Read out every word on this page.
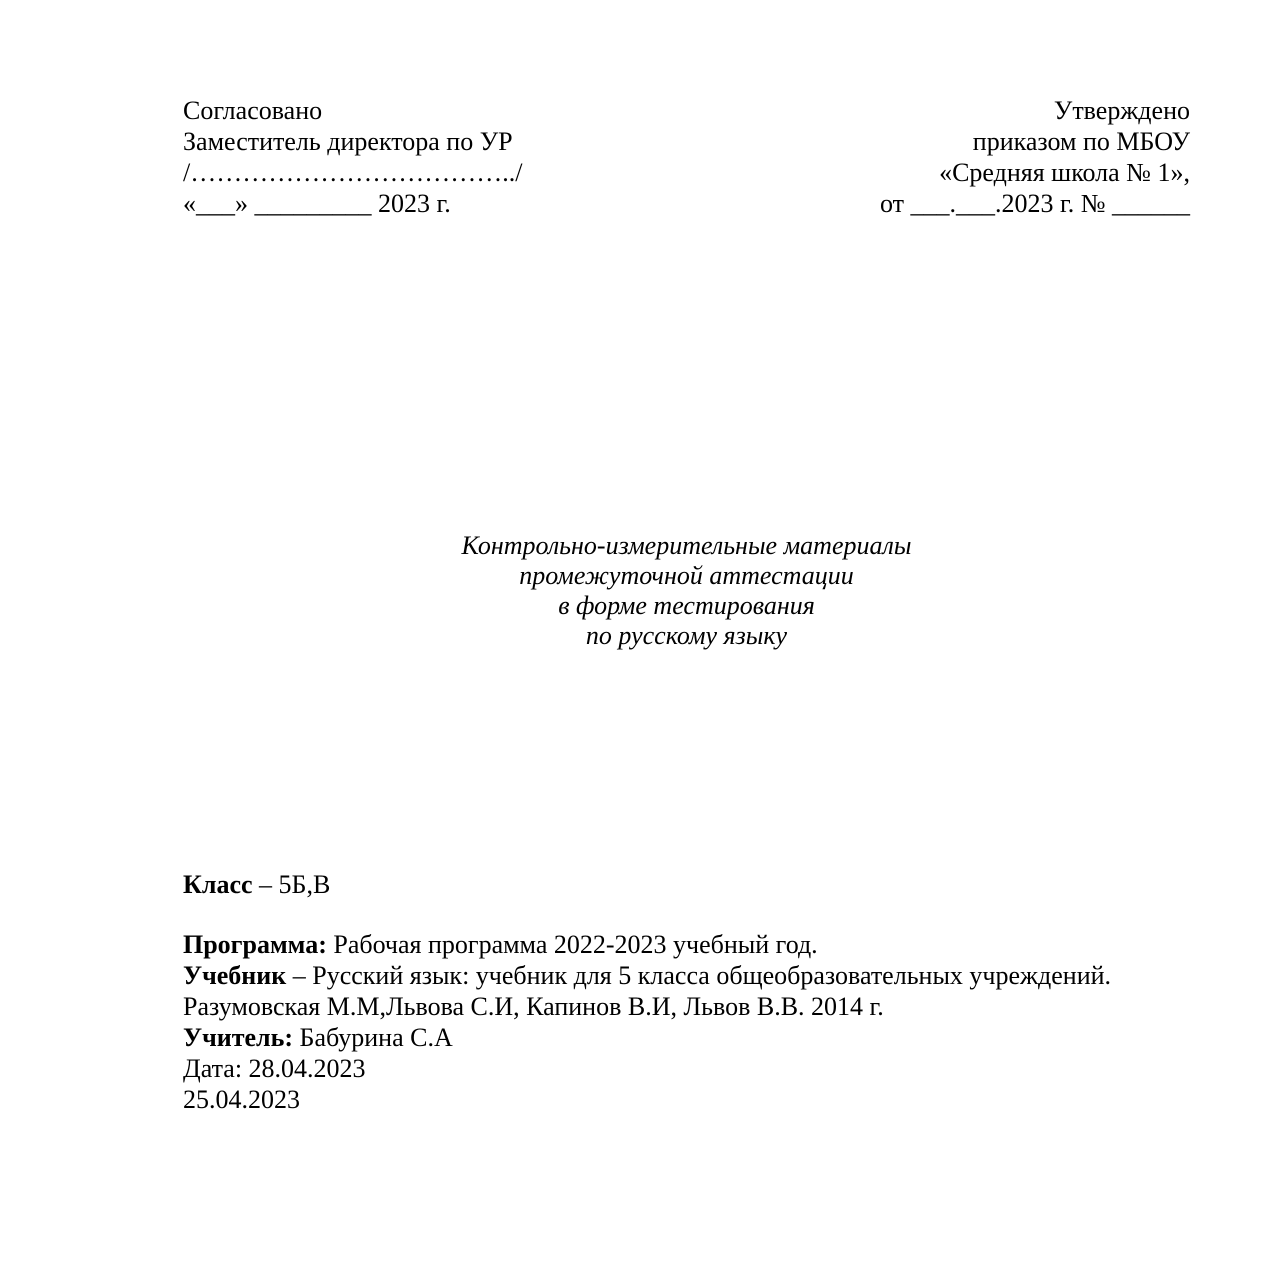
Согласовано
Заместитель директора по УР
/………………………………../
«___» _________ 2023 г.
Утверждено
приказом по МБОУ
«Средняя школа № 1»,
от ___.___.2023 г. № ______
Контрольно-измерительные материалы
промежуточной аттестации
в форме тестирования
по русскому языку

Класс – 5Б,В

Программа: Рабочая программа 2022-2023 учебный год.
Учебник – Русский язык: учебник для 5 класса общеобразовательных учреждений.
Разумовская М.М,Львова С.И, Капинов В.И, Львов В.В. 2014 г.

Учитель: Бабурина С.А
Дата: 28.04.2023
25.04.2023
